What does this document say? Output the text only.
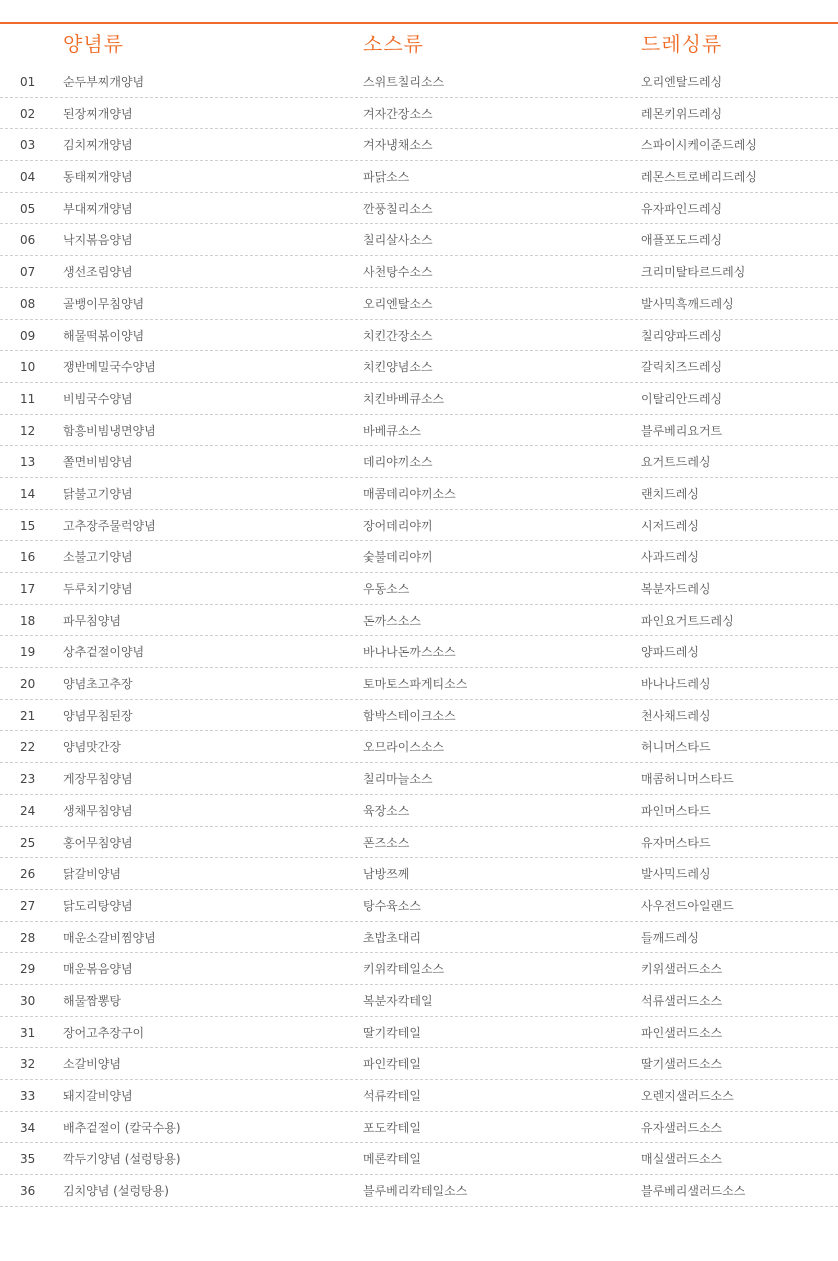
양념류	소스류	드레싱류
01 순두부찌개양념	스위트칠리소스	오리엔탈드레싱
02 된장찌개양념	겨자간장소스	레몬키위드레싱
03 김치찌개양념	겨자냉채소스	스파이시케이준드레싱
04 동태찌개양념	파닭소스	레몬스트로베리드레싱
05 부대찌개양념	깐풍칠리소스	유자파인드레싱
06 낙지볶음양념	칠리살사소스	애플포도드레싱
07 생선조림양념	사천탕수소스	크리미탈타르드레싱
08 골뱅이무침양념	오리엔탈소스	발사믹흑깨드레싱
09 해물떡볶이양념	치킨간장소스	칠리양파드레싱
10 쟁반메밀국수양념	치킨양념소스	갈릭치즈드레싱
11 비빔국수양념	치킨바베큐소스	이탈리안드레싱
12 함흥비빔냉면양념	바베큐소스	블루베리요거트
13 쫄면비빔양념	데리야끼소스	요거트드레싱
14 닭불고기양념	매콤데리야끼소스	랜치드레싱
15 고추장주물럭양념	장어데리야끼	시저드레싱
16 소불고기양념	숯불데리야끼	사과드레싱
17 두루치기양념	우동소스	복분자드레싱
18 파무침양념	돈까스소스	파인요거트드레싱
19 상추겉절이양념	바나나돈까스소스	양파드레싱
20 양념초고추장	토마토스파게티소스	바나나드레싱
21 양념무침된장	함박스테이크소스	천사채드레싱
22 양념맛간장	오므라이스소스	허니머스타드
23 게장무침양념	칠리마늘소스	매콤허니머스타드
24 생채무침양념	육장소스	파인머스타드
25 홍어무침양념	폰즈소스	유자머스타드
26 닭갈비양념	남방쯔께	발사믹드레싱
27 닭도리탕양념	탕수육소스	사우전드아일랜드
28 매운소갈비찜양념	초밥초대리	들깨드레싱
29 매운볶음양념	키위칵테일소스	키위샐러드소스
30 해물짬뽕탕	복분자칵테일	석류샐러드소스
31 장어고추장구이	딸기칵테일	파인샐러드소스
32 소갈비양념	파인칵테일	딸기샐러드소스
33 돼지갈비양념	석류칵테일	오렌지샐러드소스
34 배추겉절이 (칼국수용)	포도칵테일	유자샐러드소스
35 깍두기양념 (설렁탕용)	메론칵테일	매실샐러드소스
36 김치양념 (설렁탕용)	블루베리칵테일소스	블루베리샐러드소스
